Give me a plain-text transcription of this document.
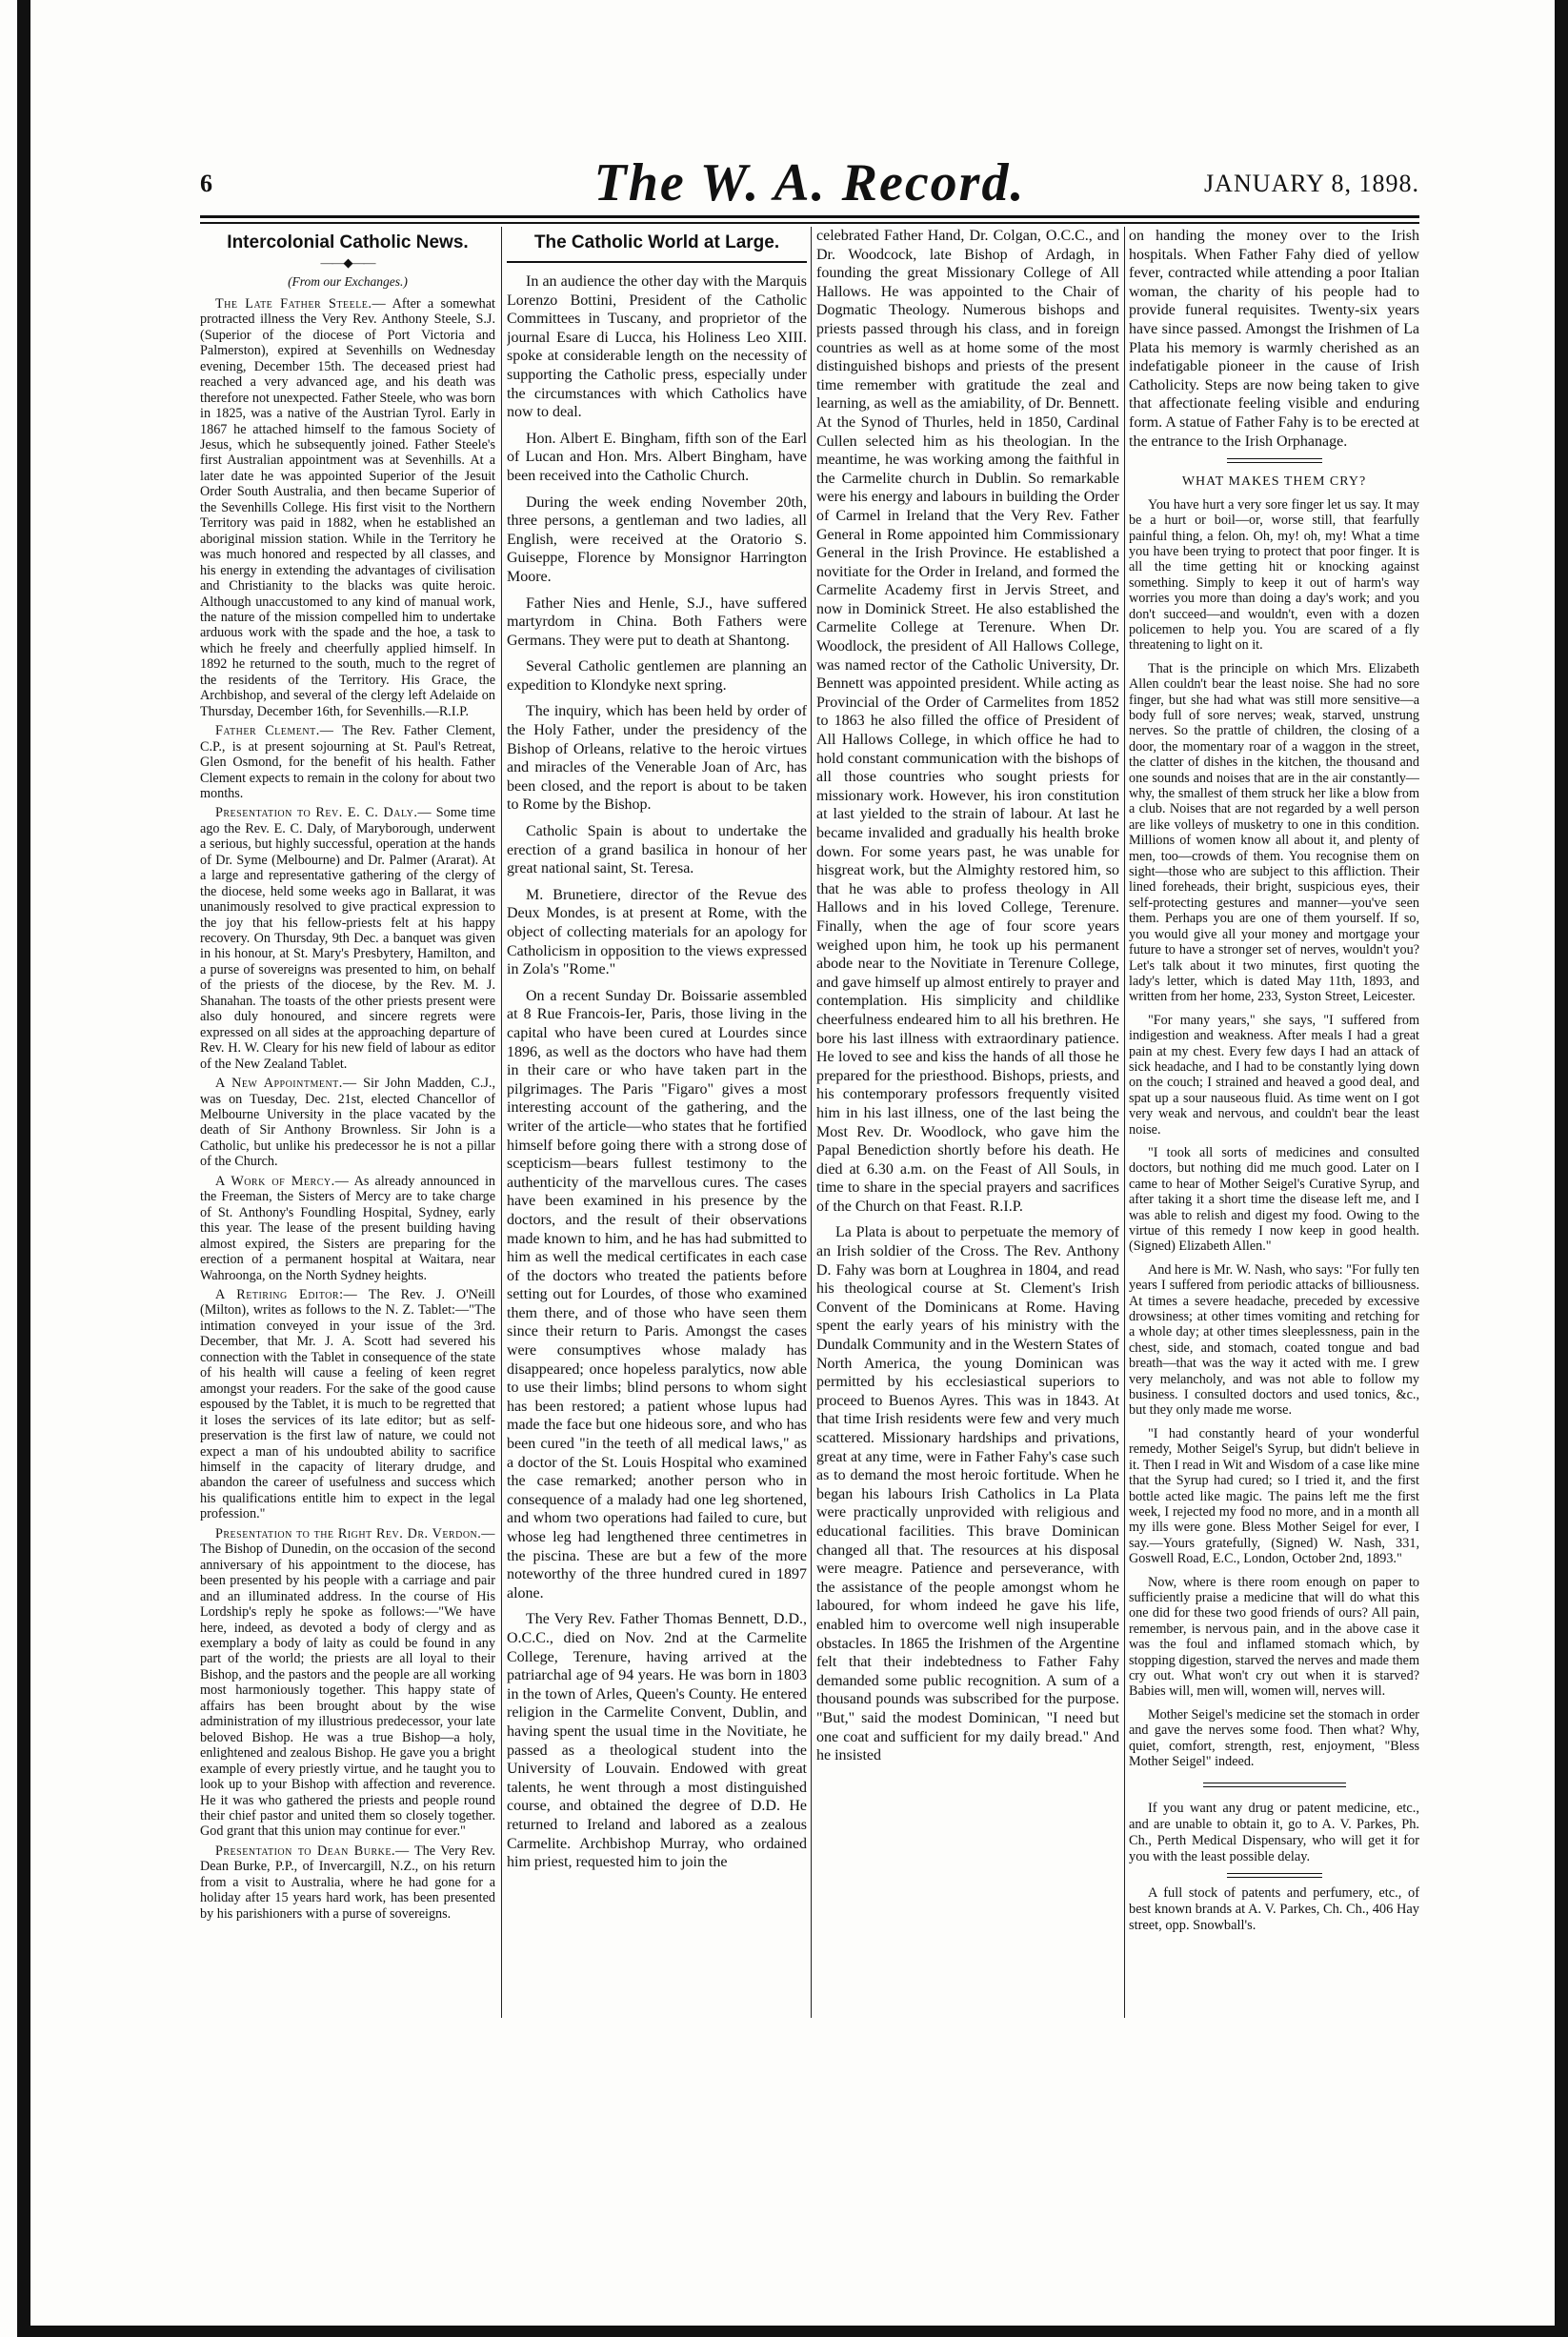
6	The W. A. Record.	JANUARY 8, 1898.
Intercolonial Catholic News.
——◆——
(From our Exchanges.)

The Late Father Steele.— After a somewhat protracted illness the Very Rev. Anthony Steele, S.J. (Superior of the diocese of Port Victoria and Palmerston), expired at Sevenhills on Wednesday evening, December 15th. The deceased priest had reached a very advanced age, and his death was therefore not unexpected. Father Steele, who was born in 1825, was a native of the Austrian Tyrol. Early in 1867 he attached himself to the famous Society of Jesus, which he subsequently joined. Father Steele's first Australian appointment was at Sevenhills. At a later date he was appointed Superior of the Jesuit Order South Australia, and then became Superior of the Sevenhills College. His first visit to the Northern Territory was paid in 1882, when he established an aboriginal mission station. While in the Territory he was much honored and respected by all classes, and his energy in extending the advantages of civilisation and Christianity to the blacks was quite heroic. Although unaccustomed to any kind of manual work, the nature of the mission compelled him to undertake arduous work with the spade and the hoe, a task to which he freely and cheerfully applied himself. In 1892 he returned to the south, much to the regret of the residents of the Territory. His Grace, the Archbishop, and several of the clergy left Adelaide on Thursday, December 16th, for Sevenhills.—R.I.P.

Father Clement.— The Rev. Father Clement, C.P., is at present sojourning at St. Paul's Retreat, Glen Osmond, for the benefit of his health. Father Clement expects to remain in the colony for about two months.

Presentation to Rev. E. C. Daly.— Some time ago the Rev. E. C. Daly, of Maryborough, underwent a serious, but highly successful, operation at the hands of Dr. Syme (Melbourne) and Dr. Palmer (Ararat). At a large and representative gathering of the clergy of the diocese, held some weeks ago in Ballarat, it was unanimously resolved to give practical expression to the joy that his fellow-priests felt at his happy recovery. On Thursday, 9th Dec. a banquet was given in his honour, at St. Mary's Presbytery, Hamilton, and a purse of sovereigns was presented to him, on behalf of the priests of the diocese, by the Rev. M. J. Shanahan. The toasts of the other priests present were also duly honoured, and sincere regrets were expressed on all sides at the approaching departure of Rev. H. W. Cleary for his new field of labour as editor of the New Zealand Tablet.

A New Appointment.— Sir John Madden, C.J., was on Tuesday, Dec. 21st, elected Chancellor of Melbourne University in the place vacated by the death of Sir Anthony Brownless. Sir John is a Catholic, but unlike his predecessor he is not a pillar of the Church.

A Work of Mercy.— As already announced in the Freeman, the Sisters of Mercy are to take charge of St. Anthony's Foundling Hospital, Sydney, early this year. The lease of the present building having almost expired, the Sisters are preparing for the erection of a permanent hospital at Waitara, near Wahroonga, on the North Sydney heights.

A Retiring Editor:— The Rev. J. O'Neill (Milton), writes as follows to the N. Z. Tablet:—"The intimation conveyed in your issue of the 3rd. December, that Mr. J. A. Scott had severed his connection with the Tablet in consequence of the state of his health will cause a feeling of keen regret amongst your readers. For the sake of the good cause espoused by the Tablet, it is much to be regretted that it loses the services of its late editor; but as self-preservation is the first law of nature, we could not expect a man of his undoubted ability to sacrifice himself in the capacity of literary drudge, and abandon the career of usefulness and success which his qualifications entitle him to expect in the legal profession."

Presentation to the Right Rev. Dr. Verdon.— The Bishop of Dunedin, on the occasion of the second anniversary of his appointment to the diocese, has been presented by his people with a carriage and pair and an illuminated address. In the course of His Lordship's reply he spoke as follows:—"We have here, indeed, as devoted a body of clergy and as exemplary a body of laity as could be found in any part of the world; the priests are all loyal to their Bishop, and the pastors and the people are all working most harmoniously together. This happy state of affairs has been brought about by the wise administration of my illustrious predecessor, your late beloved Bishop. He was a true Bishop—a holy, enlightened and zealous Bishop. He gave you a bright example of every priestly virtue, and he taught you to look up to your Bishop with affection and reverence. He it was who gathered the priests and people round their chief pastor and united them so closely together. God grant that this union may continue for ever."

Presentation to Dean Burke.— The Very Rev. Dean Burke, P.P., of Invercargill, N.Z., on his return from a visit to Australia, where he had gone for a holiday after 15 years hard work, has been presented by his parishioners with a purse of sovereigns.

The Catholic World at Large.

In an audience the other day with the Marquis Lorenzo Bottini, President of the Catholic Committees in Tuscany, and proprietor of the journal Esare di Lucca, his Holiness Leo XIII. spoke at considerable length on the necessity of supporting the Catholic press, especially under the circumstances with which Catholics have now to deal.

Hon. Albert E. Bingham, fifth son of the Earl of Lucan and Hon. Mrs. Albert Bingham, have been received into the Catholic Church.

During the week ending November 20th, three persons, a gentleman and two ladies, all English, were received at the Oratorio S. Guiseppe, Florence by Monsignor Harrington Moore.

Father Nies and Henle, S.J., have suffered martyrdom in China. Both Fathers were Germans. They were put to death at Shantong.

Several Catholic gentlemen are planning an expedition to Klondyke next spring.

The inquiry, which has been held by order of the Holy Father, under the presidency of the Bishop of Orleans, relative to the heroic virtues and miracles of the Venerable Joan of Arc, has been closed, and the report is about to be taken to Rome by the Bishop.

Catholic Spain is about to undertake the erection of a grand basilica in honour of her great national saint, St. Teresa.

M. Brunetiere, director of the Revue des Deux Mondes, is at present at Rome, with the object of collecting materials for an apology for Catholicism in opposition to the views expressed in Zola's "Rome."

On a recent Sunday Dr. Boissarie assembled at 8 Rue Francois-Ier, Paris, those living in the capital who have been cured at Lourdes since 1896, as well as the doctors who have had them in their care or who have taken part in the pilgrimages. The Paris "Figaro" gives a most interesting account of the gathering, and the writer of the article—who states that he fortified himself before going there with a strong dose of scepticism—bears fullest testimony to the authenticity of the marvellous cures. The cases have been examined in his presence by the doctors, and the result of their observations made known to him, and he has had submitted to him as well the medical certificates in each case of the doctors who treated the patients before setting out for Lourdes, of those who examined them there, and of those who have seen them since their return to Paris. Amongst the cases were consumptives whose malady has disappeared; once hopeless paralytics, now able to use their limbs; blind persons to whom sight has been restored; a patient whose lupus had made the face but one hideous sore, and who has been cured "in the teeth of all medical laws," as a doctor of the St. Louis Hospital who examined the case remarked; another person who in consequence of a malady had one leg shortened, and whom two operations had failed to cure, but whose leg had lengthened three centimetres in the piscina. These are but a few of the more noteworthy of the three hundred cured in 1897 alone.

The Very Rev. Father Thomas Bennett, D.D., O.C.C., died on Nov. 2nd at the Carmelite College, Terenure, having arrived at the patriarchal age of 94 years. He was born in 1803 in the town of Arles, Queen's County. He entered religion in the Carmelite Convent, Dublin, and having spent the usual time in the Novitiate, he passed as a theological student into the University of Louvain. Endowed with great talents, he went through a most distinguished course, and obtained the degree of D.D. He returned to Ireland and labored as a zealous Carmelite. Archbishop Murray, who ordained him priest, requested him to join the

celebrated Father Hand, Dr. Colgan, O.C.C., and Dr. Woodcock, late Bishop of Ardagh, in founding the great Missionary College of All Hallows. He was appointed to the Chair of Dogmatic Theology. Numerous bishops and priests passed through his class, and in foreign countries as well as at home some of the most distinguished bishops and priests of the present time remember with gratitude the zeal and learning, as well as the amiability, of Dr. Bennett. At the Synod of Thurles, held in 1850, Cardinal Cullen selected him as his theologian. In the meantime, he was working among the faithful in the Carmelite church in Dublin. So remarkable were his energy and labours in building the Order of Carmel in Ireland that the Very Rev. Father General in Rome appointed him Commissionary General in the Irish Province. He established a novitiate for the Order in Ireland, and formed the Carmelite Academy first in Jervis Street, and now in Dominick Street. He also established the Carmelite College at Terenure. When Dr. Woodlock, the president of All Hallows College, was named rector of the Catholic University, Dr. Bennett was appointed president. While acting as Provincial of the Order of Carmelites from 1852 to 1863 he also filled the office of President of All Hallows College, in which office he had to hold constant communication with the bishops of all those countries who sought priests for missionary work. However, his iron constitution at last yielded to the strain of labour. At last he became invalided and gradually his health broke down. For some years past, he was unable for hisgreat work, but the Almighty restored him, so that he was able to profess theology in All Hallows and in his loved College, Terenure. Finally, when the age of four score years weighed upon him, he took up his permanent abode near to the Novitiate in Terenure College, and gave himself up almost entirely to prayer and contemplation. His simplicity and childlike cheerfulness endeared him to all his brethren. He bore his last illness with extraordinary patience. He loved to see and kiss the hands of all those he prepared for the priesthood. Bishops, priests, and his contemporary professors frequently visited him in his last illness, one of the last being the Most Rev. Dr. Woodlock, who gave him the Papal Benediction shortly before his death. He died at 6.30 a.m. on the Feast of All Souls, in time to share in the special prayers and sacrifices of the Church on that Feast. R.I.P.

La Plata is about to perpetuate the memory of an Irish soldier of the Cross. The Rev. Anthony D. Fahy was born at Loughrea in 1804, and read his theological course at St. Clement's Irish Convent of the Dominicans at Rome. Having spent the early years of his ministry with the Dundalk Community and in the Western States of North America, the young Dominican was permitted by his ecclesiastical superiors to proceed to Buenos Ayres. This was in 1843. At that time Irish residents were few and very much scattered. Missionary hardships and privations, great at any time, were in Father Fahy's case such as to demand the most heroic fortitude. When he began his labours Irish Catholics in La Plata were practically unprovided with religious and educational facilities. This brave Dominican changed all that. The resources at his disposal were meagre. Patience and perseverance, with the assistance of the people amongst whom he laboured, for whom indeed he gave his life, enabled him to overcome well nigh insuperable obstacles. In 1865 the Irishmen of the Argentine felt that their indebtedness to Father Fahy demanded some public recognition. A sum of a thousand pounds was subscribed for the purpose. "But," said the modest Dominican, "I need but one coat and sufficient for my daily bread." And he insisted

on handing the money over to the Irish hospitals. When Father Fahy died of yellow fever, contracted while attending a poor Italian woman, the charity of his people had to provide funeral requisites. Twenty-six years have since passed. Amongst the Irishmen of La Plata his memory is warmly cherished as an indefatigable pioneer in the cause of Irish Catholicity. Steps are now being taken to give that affectionate feeling visible and enduring form. A statue of Father Fahy is to be erected at the entrance to the Irish Orphanage.

WHAT MAKES THEM CRY?

You have hurt a very sore finger let us say. It may be a hurt or boil—or, worse still, that fearfully painful thing, a felon. Oh, my! oh, my! What a time you have been trying to protect that poor finger. It is all the time getting hit or knocking against something. Simply to keep it out of harm's way worries you more than doing a day's work; and you don't succeed—and wouldn't, even with a dozen policemen to help you. You are scared of a fly threatening to light on it.

That is the principle on which Mrs. Elizabeth Allen couldn't bear the least noise. She had no sore finger, but she had what was still more sensitive—a body full of sore nerves; weak, starved, unstrung nerves. So the prattle of children, the closing of a door, the momentary roar of a waggon in the street, the clatter of dishes in the kitchen, the thousand and one sounds and noises that are in the air constantly—why, the smallest of them struck her like a blow from a club. Noises that are not regarded by a well person are like volleys of musketry to one in this condition. Millions of women know all about it, and plenty of men, too—crowds of them. You recognise them on sight—those who are subject to this affliction. Their lined foreheads, their bright, suspicious eyes, their self-protecting gestures and manner—you've seen them. Perhaps you are one of them yourself. If so, you would give all your money and mortgage your future to have a stronger set of nerves, wouldn't you? Let's talk about it two minutes, first quoting the lady's letter, which is dated May 11th, 1893, and written from her home, 233, Syston Street, Leicester.

"For many years," she says, "I suffered from indigestion and weakness. After meals I had a great pain at my chest. Every few days I had an attack of sick headache, and I had to be constantly lying down on the couch; I strained and heaved a good deal, and spat up a sour nauseous fluid. As time went on I got very weak and nervous, and couldn't bear the least noise.

"I took all sorts of medicines and consulted doctors, but nothing did me much good. Later on I came to hear of Mother Seigel's Curative Syrup, and after taking it a short time the disease left me, and I was able to relish and digest my food. Owing to the virtue of this remedy I now keep in good health. (Signed) Elizabeth Allen."

And here is Mr. W. Nash, who says: "For fully ten years I suffered from periodic attacks of billiousness. At times a severe headache, preceded by excessive drowsiness; at other times vomiting and retching for a whole day; at other times sleeplessness, pain in the chest, side, and stomach, coated tongue and bad breath—that was the way it acted with me. I grew very melancholy, and was not able to follow my business. I consulted doctors and used tonics, &c., but they only made me worse.

"I had constantly heard of your wonderful remedy, Mother Seigel's Syrup, but didn't believe in it. Then I read in Wit and Wisdom of a case like mine that the Syrup had cured; so I tried it, and the first bottle acted like magic. The pains left me the first week, I rejected my food no more, and in a month all my ills were gone. Bless Mother Seigel for ever, I say.—Yours gratefully, (Signed) W. Nash, 331, Goswell Road, E.C., London, October 2nd, 1893."

Now, where is there room enough on paper to sufficiently praise a medicine that will do what this one did for these two good friends of ours? All pain, remember, is nervous pain, and in the above case it was the foul and inflamed stomach which, by stopping digestion, starved the nerves and made them cry out. What won't cry out when it is starved? Babies will, men will, women will, nerves will.

Mother Seigel's medicine set the stomach in order and gave the nerves some food. Then what? Why, quiet, comfort, strength, rest, enjoyment, "Bless Mother Seigel" indeed.

If you want any drug or patent medicine, etc., and are unable to obtain it, go to A. V. Parkes, Ph. Ch., Perth Medical Dispensary, who will get it for you with the least possible delay.

A full stock of patents and perfumery, etc., of best known brands at A. V. Parkes, Ch. Ch., 406 Hay street, opp. Snowball's.
